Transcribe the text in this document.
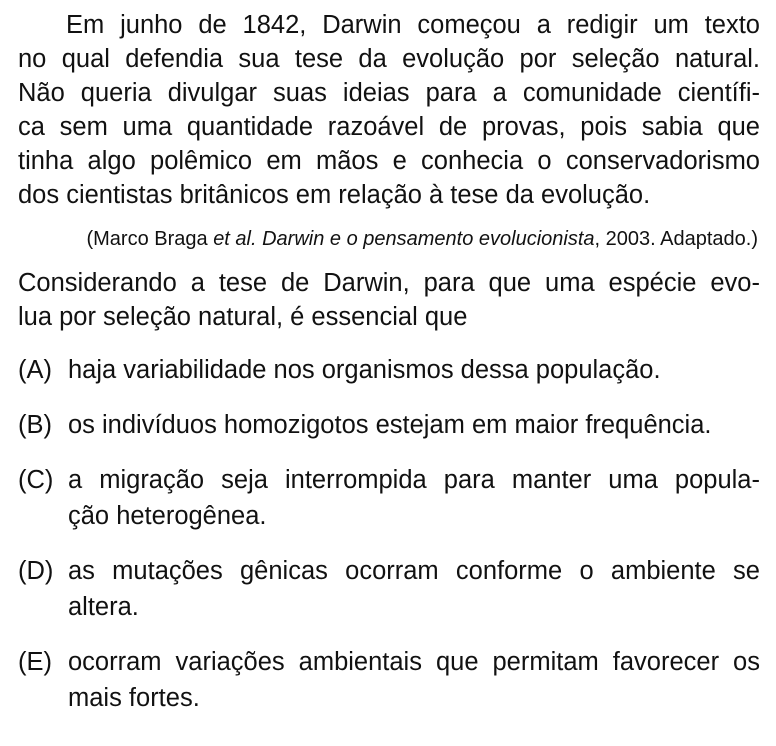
Em junho de 1842, Darwin começou a redigir um texto
no qual defendia sua tese da evolução por seleção natural.
Não queria divulgar suas ideias para a comunidade científi-
ca sem uma quantidade razoável de provas, pois sabia que
tinha algo polêmico em mãos e conhecia o conservadorismo
dos cientistas britânicos em relação à tese da evolução.

(Marco Braga et al. Darwin e o pensamento evolucionista, 2003. Adaptado.)

Considerando a tese de Darwin, para que uma espécie evo-
lua por seleção natural, é essencial que

(A) haja variabilidade nos organismos dessa população.
(B) os indivíduos homozigotos estejam em maior frequência.
(C) a migração seja interrompida para manter uma popula-
ção heterogênea.
(D) as mutações gênicas ocorram conforme o ambiente se
altera.
(E) ocorram variações ambientais que permitam favorecer os
mais fortes.
